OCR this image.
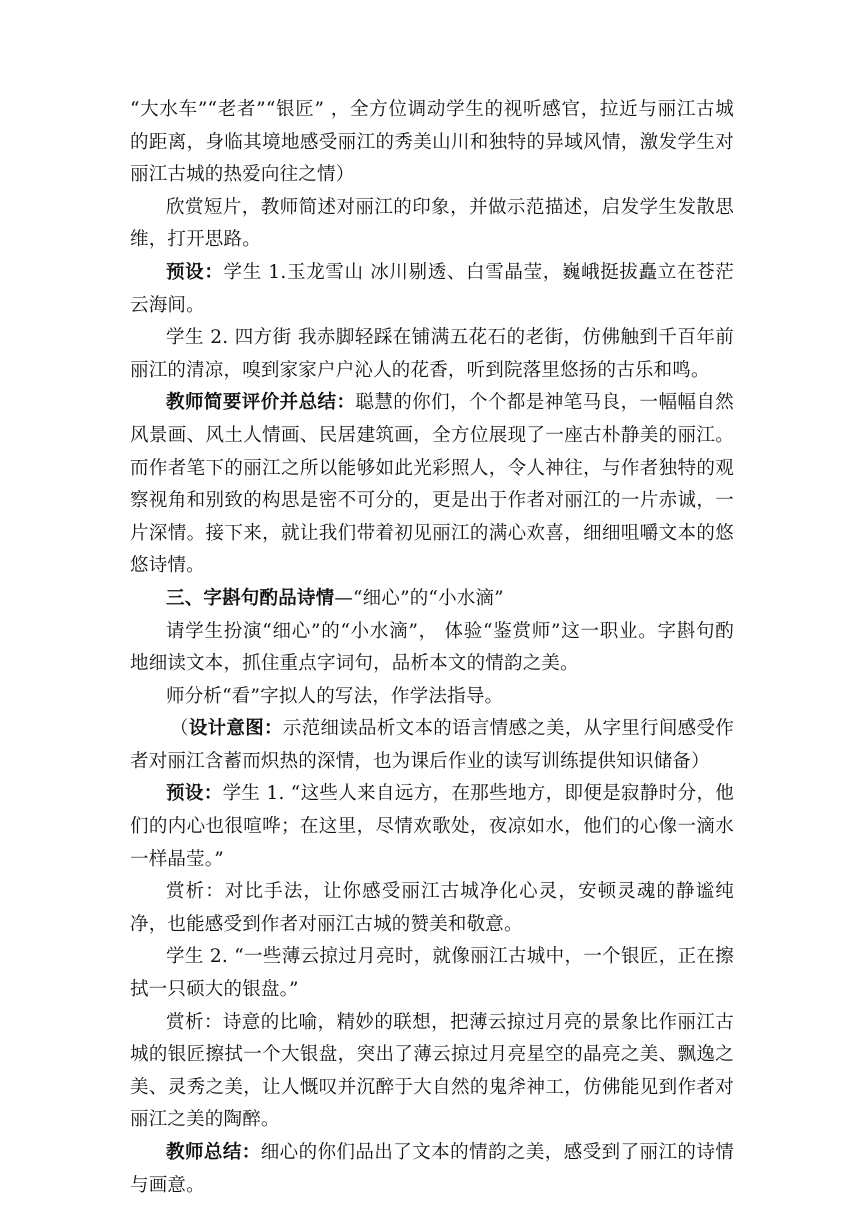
“大水车”“老者”“银匠” ，全方位调动学生的视听感官，拉近与丽江古城的距离，身临其境地感受丽江的秀美山川和独特的异域风情，激发学生对丽江古城的热爱向往之情）

欣赏短片，教师简述对丽江的印象，并做示范描述，启发学生发散思维，打开思路。

预设：学生 1.玉龙雪山 冰川剔透、白雪晶莹，巍峨挺拔矗立在苍茫云海间。

学生 2. 四方街 我赤脚轻踩在铺满五花石的老街，仿佛触到千百年前丽江的清凉，嗅到家家户户沁人的花香，听到院落里悠扬的古乐和鸣。

教师简要评价并总结：聪慧的你们，个个都是神笔马良，一幅幅自然风景画、风土人情画、民居建筑画，全方位展现了一座古朴静美的丽江。而作者笔下的丽江之所以能够如此光彩照人，令人神往，与作者独特的观察视角和别致的构思是密不可分的，更是出于作者对丽江的一片赤诚，一片深情。接下来，就让我们带着初见丽江的满心欢喜，细细咀嚼文本的悠悠诗情。

三、字斟句酌品诗情—“细心”的“小水滴”

请学生扮演“细心”的“小水滴”， 体验“鉴赏师”这一职业。字斟句酌地细读文本，抓住重点字词句，品析本文的情韵之美。

师分析“看”字拟人的写法，作学法指导。

（设计意图：示范细读品析文本的语言情感之美，从字里行间感受作者对丽江含蓄而炽热的深情，也为课后作业的读写训练提供知识储备）

预设：学生 1. “这些人来自远方，在那些地方，即便是寂静时分，他们的内心也很喧哗；在这里，尽情欢歌处，夜凉如水，他们的心像一滴水一样晶莹。”

赏析：对比手法，让你感受丽江古城净化心灵，安顿灵魂的静谧纯净，也能感受到作者对丽江古城的赞美和敬意。

学生 2. “一些薄云掠过月亮时，就像丽江古城中，一个银匠，正在擦拭一只硕大的银盘。”

赏析：诗意的比喻，精妙的联想，把薄云掠过月亮的景象比作丽江古城的银匠擦拭一个大银盘，突出了薄云掠过月亮星空的晶亮之美、飘逸之美、灵秀之美，让人慨叹并沉醉于大自然的鬼斧神工，仿佛能见到作者对丽江之美的陶醉。

教师总结：细心的你们品出了文本的情韵之美，感受到了丽江的诗情与画意。
